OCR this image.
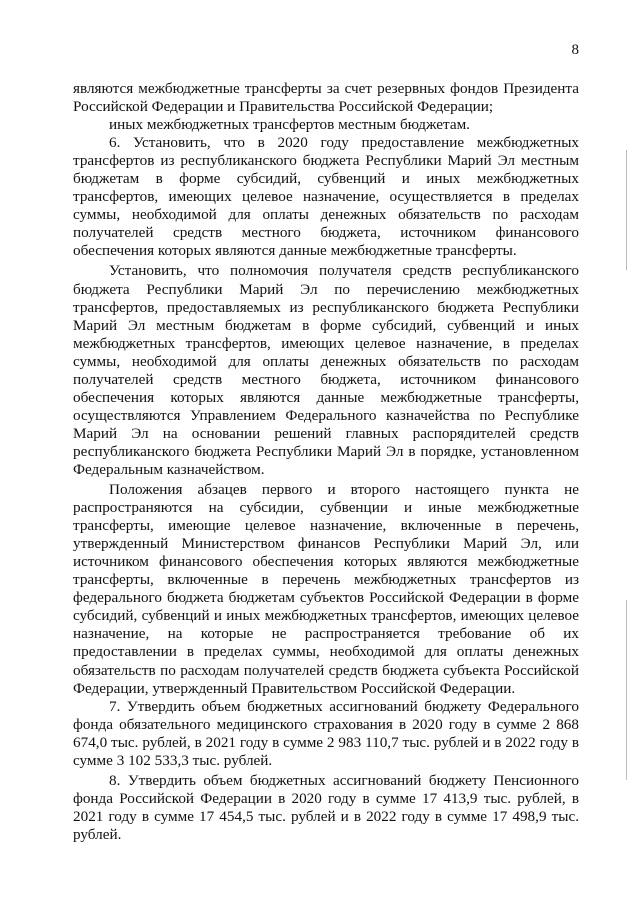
8

являются межбюджетные трансферты за счет резервных фондов Президента Российской Федерации и Правительства Российской Федерации;

иных межбюджетных трансфертов местным бюджетам.

6. Установить, что в 2020 году предоставление межбюджетных трансфертов из республиканского бюджета Республики Марий Эл местным бюджетам в форме субсидий, субвенций и иных межбюджетных трансфертов, имеющих целевое назначение, осуществляется в пределах суммы, необходимой для оплаты денежных обязательств по расходам получателей средств местного бюджета, источником финансового обеспечения которых являются данные межбюджетные трансферты.

Установить, что полномочия получателя средств республиканского бюджета Республики Марий Эл по перечислению межбюджетных трансфертов, предоставляемых из республиканского бюджета Республики Марий Эл местным бюджетам в форме субсидий, субвенций и иных межбюджетных трансфертов, имеющих целевое назначение, в пределах суммы, необходимой для оплаты денежных обязательств по расходам получателей средств местного бюджета, источником финансового обеспечения которых являются данные межбюджетные трансферты, осуществляются Управлением Федерального казначейства по Республике Марий Эл на основании решений главных распорядителей средств республиканского бюджета Республики Марий Эл в порядке, установленном Федеральным казначейством.

Положения абзацев первого и второго настоящего пункта не распространяются на субсидии, субвенции и иные межбюджетные трансферты, имеющие целевое назначение, включенные в перечень, утвержденный Министерством финансов Республики Марий Эл, или источником финансового обеспечения которых являются межбюджетные трансферты, включенные в перечень межбюджетных трансфертов из федерального бюджета бюджетам субъектов Российской Федерации в форме субсидий, субвенций и иных межбюджетных трансфертов, имеющих целевое назначение, на которые не распространяется требование об их предоставлении в пределах суммы, необходимой для оплаты денежных обязательств по расходам получателей средств бюджета субъекта Российской Федерации, утвержденный Правительством Российской Федерации.

7. Утвердить объем бюджетных ассигнований бюджету Федерального фонда обязательного медицинского страхования в 2020 году в сумме 2 868 674,0 тыс. рублей, в 2021 году в сумме 2 983 110,7 тыс. рублей и в 2022 году в сумме 3 102 533,3 тыс. рублей.

8. Утвердить объем бюджетных ассигнований бюджету Пенсионного фонда Российской Федерации в 2020 году в сумме 17 413,9 тыс. рублей, в 2021 году в сумме 17 454,5 тыс. рублей и в 2022 году в сумме 17 498,9 тыс. рублей.
